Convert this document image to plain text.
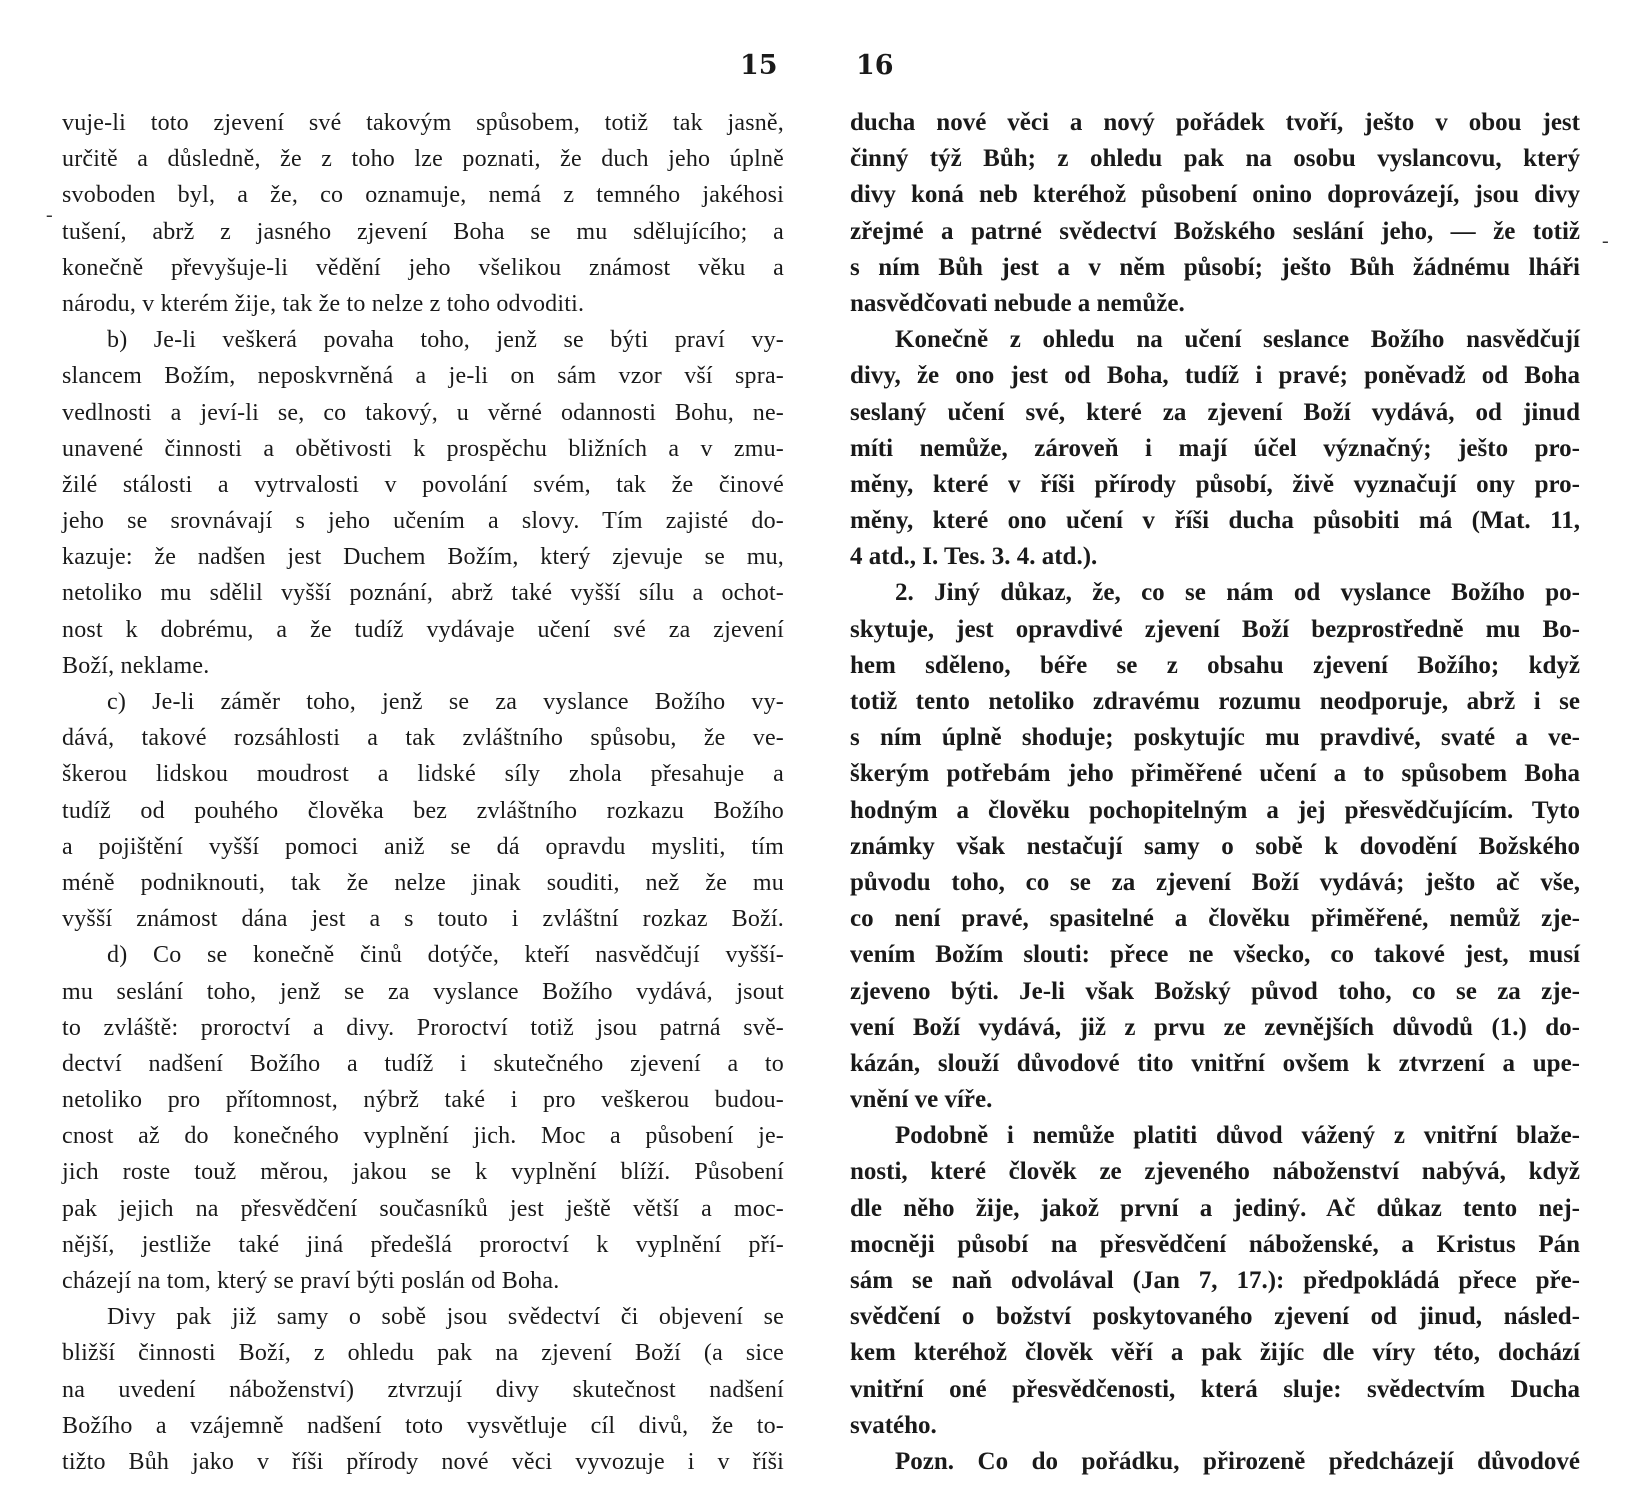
15
-
vuje-li toto zjevení své takovým spůsobem, totiž tak jasně,
určitě a důsledně, že z toho lze poznati, že duch jeho úplně
svoboden byl, a že, co oznamuje, nemá z temného jakéhosi
tušení, abrž z jasného zjevení Boha se mu sdělujícího; a
konečně převyšuje-li vědění jeho všelikou známost věku a
národu, v kterém žije, tak že to nelze z toho odvoditi.
b) Je-li veškerá povaha toho, jenž se býti praví vy-
slancem Božím, neposkvrněná a je-li on sám vzor vší spra-
vedlnosti a jeví-li se, co takový, u věrné odannosti Bohu, ne-
unavené činnosti a obětivosti k prospěchu bližních a v zmu-
žilé stálosti a vytrvalosti v povolání svém, tak že činové
jeho se srovnávají s jeho učením a slovy. Tím zajisté do-
kazuje: že nadšen jest Duchem Božím, který zjevuje se mu,
netoliko mu sdělil vyšší poznání, abrž také vyšší sílu a ochot-
nost k dobrému, a že tudíž vydávaje učení své za zjevení
Boží, neklame.
c) Je-li záměr toho, jenž se za vyslance Božího vy-
dává, takové rozsáhlosti a tak zvláštního spůsobu, že ve-
škerou lidskou moudrost a lidské síly zhola přesahuje a
tudíž od pouhého člověka bez zvláštního rozkazu Božího
a pojištění vyšší pomoci aniž se dá opravdu mysliti, tím
méně podniknouti, tak že nelze jinak souditi, než že mu
vyšší známost dána jest a s touto i zvláštní rozkaz Boží.
d) Co se konečně činů dotýče, kteří nasvědčují vyšší-
mu seslání toho, jenž se za vyslance Božího vydává, jsout
to zvláště: proroctví a divy. Proroctví totiž jsou patrná svě-
dectví nadšení Božího a tudíž i skutečného zjevení a to
netoliko pro přítomnost, nýbrž také i pro veškerou budou-
cnost až do konečného vyplnění jich. Moc a působení je-
jich roste touž měrou, jakou se k vyplnění blíží. Působení
pak jejich na přesvědčení současníků jest ještě větší a moc-
nější, jestliže také jiná předešlá proroctví k vyplnění pří-
cházejí na tom, který se praví býti poslán od Boha.
Divy pak již samy o sobě jsou svědectví či objevení se
bližší činnosti Boží, z ohledu pak na zjevení Boží (a sice
na uvedení náboženství) ztvrzují divy skutečnost nadšení
Božího a vzájemně nadšení toto vysvětluje cíl divů, že to-
tižto Bůh jako v říši přírody nové věci vyvozuje i v říši
16
-
ducha nové věci a nový pořádek tvoří, ješto v obou jest
činný týž Bůh; z ohledu pak na osobu vyslancovu, který
divy koná neb kteréhož působení onino doprovázejí, jsou divy
zřejmé a patrné svědectví Božského seslání jeho, — že totiž
s ním Bůh jest a v něm působí; ješto Bůh žádnému lháři
nasvědčovati nebude a nemůže.
Konečně z ohledu na učení seslance Božího nasvědčují
divy, že ono jest od Boha, tudíž i pravé; poněvadž od Boha
seslaný učení své, které za zjevení Boží vydává, od jinud
míti nemůže, zároveň i mají účel význačný; ješto pro-
měny, které v říši přírody působí, živě vyznačují ony pro-
měny, které ono učení v říši ducha působiti má (Mat. 11,
4 atd., I. Tes. 3. 4. atd.).
2. Jiný důkaz, že, co se nám od vyslance Božího po-
skytuje, jest opravdivé zjevení Boží bezprostředně mu Bo-
hem sděleno, béře se z obsahu zjevení Božího; když
totiž tento netoliko zdravému rozumu neodporuje, abrž i se
s ním úplně shoduje; poskytujíc mu pravdivé, svaté a ve-
škerým potřebám jeho přiměřené učení a to spůsobem Boha
hodným a člověku pochopitelným a jej přesvědčujícím. Tyto
známky však nestačují samy o sobě k dovodění Božského
původu toho, co se za zjevení Boží vydává; ješto ač vše,
co není pravé, spasitelné a člověku přiměřené, nemůž zje-
vením Božím slouti: přece ne všecko, co takové jest, musí
zjeveno býti. Je-li však Božský původ toho, co se za zje-
vení Boží vydává, již z prvu ze zevnějších důvodů (1.) do-
kázán, slouží důvodové tito vnitřní ovšem k ztvrzení a upe-
vnění ve víře.
Podobně i nemůže platiti důvod vážený z vnitřní blaže-
nosti, které člověk ze zjeveného náboženství nabývá, když
dle něho žije, jakož první a jediný. Ač důkaz tento nej-
mocněji působí na přesvědčení náboženské, a Kristus Pán
sám se naň odvolával (Jan 7, 17.): předpokládá přece pře-
svědčení o božství poskytovaného zjevení od jinud, násled-
kem kteréhož člověk věří a pak žijíc dle víry této, dochází
vnitřní oné přesvědčenosti, která sluje: svědectvím Ducha
svatého.
Pozn. Co do pořádku, přirozeně předcházejí důvodové
